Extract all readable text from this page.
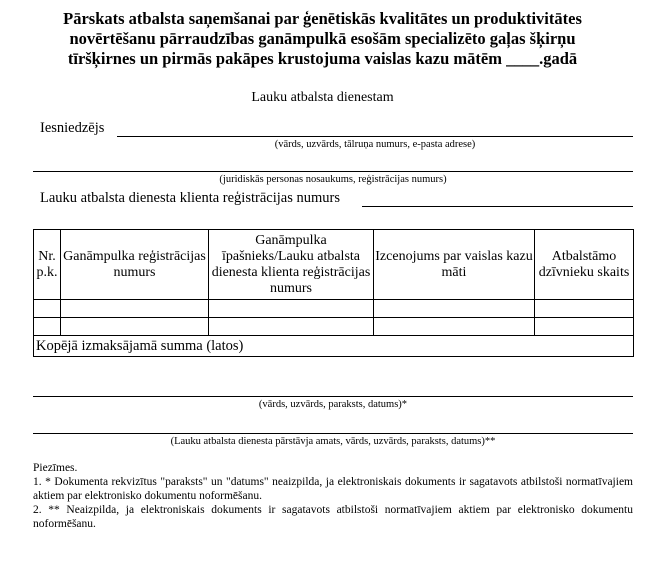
Pārskats atbalsta saņemšanai par ģenētiskās kvalitātes un produktivitātes
novērtēšanu pārraudzības ganāmpulkā esošām specializēto gaļas šķirņu
tīršķirnes un pirmās pakāpes krustojuma vaislas kazu mātēm ____.gadā
Lauku atbalsta dienestam
Iesniedzējs
(vārds, uzvārds, tālruņa numurs, e-pasta adrese)
(juridiskās personas nosaukums, reģistrācijas numurs)
Lauku atbalsta dienesta klienta reģistrācijas numurs
Nr. p.k.	Ganāmpulka reģistrācijas numurs	Ganāmpulka īpašnieks/Lauku atbalsta dienesta klienta reģistrācijas numurs	Izcenojums par vaislas kazu māti	Atbalstāmo dzīvnieku skaits

Kopējā izmaksājamā summa (latos)				
(vārds, uzvārds, paraksts, datums)*
(Lauku atbalsta dienesta pārstāvja amats, vārds, uzvārds, paraksts, datums)**

Piezīmes.

1. * Dokumenta rekvizītus "paraksts" un "datums" neaizpilda, ja elektroniskais dokuments ir sagatavots atbilstoši normatīvajiem aktiem par elektronisko dokumentu noformēšanu.

2. ** Neaizpilda, ja elektroniskais dokuments ir sagatavots atbilstoši normatīvajiem aktiem par elektronisko dokumentu noformēšanu.
